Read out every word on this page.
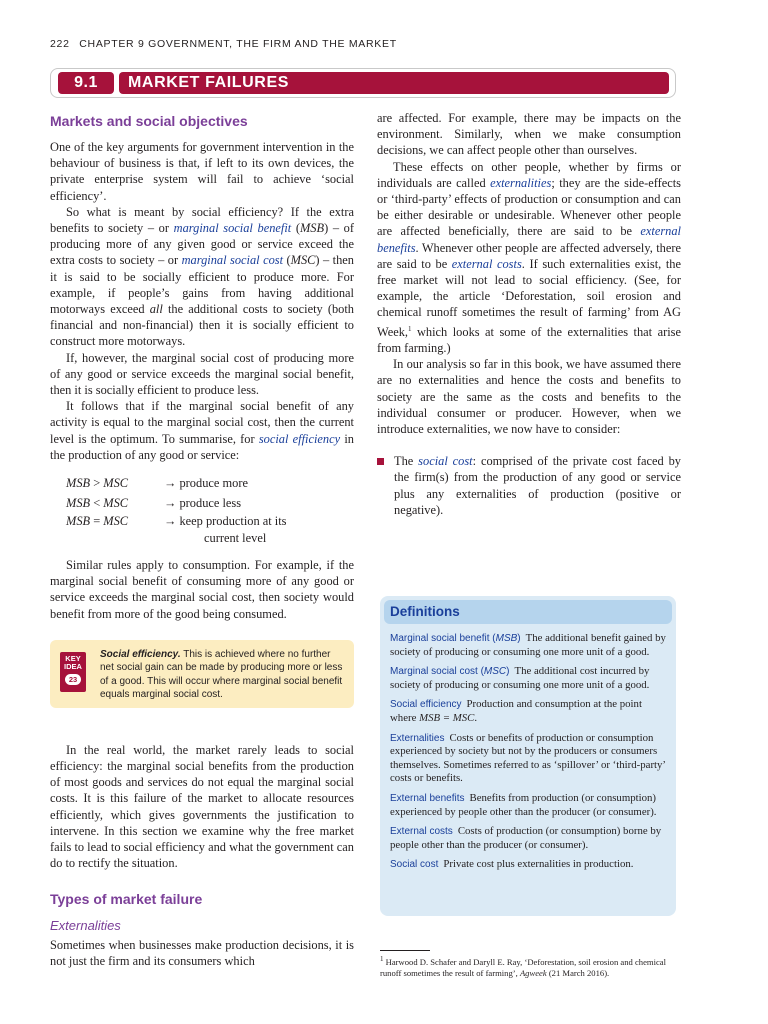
222 CHAPTER 9 GOVERNMENT, THE FIRM AND THE MARKET
9.1	MARKET FAILURES
Markets and social objectives

One of the key arguments for government intervention in the behaviour of business is that, if left to its own devices, the private enterprise system will fail to achieve ‘social efficiency’.

So what is meant by social efficiency? If the extra benefits to society – or marginal social benefit (MSB) – of producing more of any given good or service exceed the extra costs to society – or marginal social cost (MSC) – then it is said to be socially efficient to produce more. For example, if people’s gains from having additional motorways exceed all the additional costs to society (both financial and non-financial) then it is socially efficient to construct more motorways.

If, however, the marginal social cost of producing more of any good or service exceeds the marginal social benefit, then it is socially efficient to produce less.

It follows that if the marginal social benefit of any activity is equal to the marginal social cost, then the current level is the optimum. To summarise, for social efficiency in the production of any good or service:

MSB > MSC	→ produce more
MSB < MSC	→ produce less
MSB = MSC	→ keep production at its
current level

Similar rules apply to consumption. For example, if the marginal social benefit of consuming more of any good or service exceeds the marginal social cost, then society would benefit from more of the good being consumed.

KEY
IDEA
23
Social efficiency. This is achieved where no further net social gain can be made by producing more or less of a good. This will occur where marginal social benefit equals marginal social cost.

In the real world, the market rarely leads to social efficiency: the marginal social benefits from the production of most goods and services do not equal the marginal social costs. It is this failure of the market to allocate resources efficiently, which gives governments the justification to intervene. In this section we examine why the free market fails to lead to social efficiency and what the government can do to rectify the situation.

Types of market failure
Externalities

Sometimes when businesses make production decisions, it is not just the firm and its consumers which

are affected. For example, there may be impacts on the environment. Similarly, when we make consumption decisions, we can affect people other than ourselves.

These effects on other people, whether by firms or individuals are called externalities; they are the side-effects or ‘third-party’ effects of production or consumption and can be either desirable or undesirable. Whenever other people are affected beneficially, there are said to be external benefits. Whenever other people are affected adversely, there are said to be external costs. If such externalities exist, the free market will not lead to social efficiency. (See, for example, the article ‘Deforestation, soil erosion and chemical runoff sometimes the result of farming’ from AG Week,$^1$ which looks at some of the externalities that arise from farming.)

In our analysis so far in this book, we have assumed there are no externalities and hence the costs and benefits to society are the same as the costs and benefits to the individual consumer or producer. However, when we introduce externalities, we now have to consider:

The social cost: comprised of the private cost faced by the firm(s) from the production of any good or service plus any externalities of production (positive or negative).

Definitions
Marginal social benefit (MSB) The additional benefit gained by society of producing or consuming one more unit of a good.
Marginal social cost (MSC) The additional cost incurred by society of producing or consuming one more unit of a good.
Social efficiency Production and consumption at the point where MSB = MSC.
Externalities Costs or benefits of production or consumption experienced by society but not by the producers or consumers themselves. Sometimes referred to as ‘spillover’ or ‘third-party’ costs or benefits.
External benefits Benefits from production (or consumption) experienced by people other than the producer (or consumer).
External costs Costs of production (or consumption) borne by people other than the producer (or consumer).
Social cost Private cost plus externalities in production.
$^1$ Harwood D. Schafer and Daryll E. Ray, ‘Deforestation, soil erosion and chemical runoff sometimes the result of farming’, Agweek (21 March 2016).
